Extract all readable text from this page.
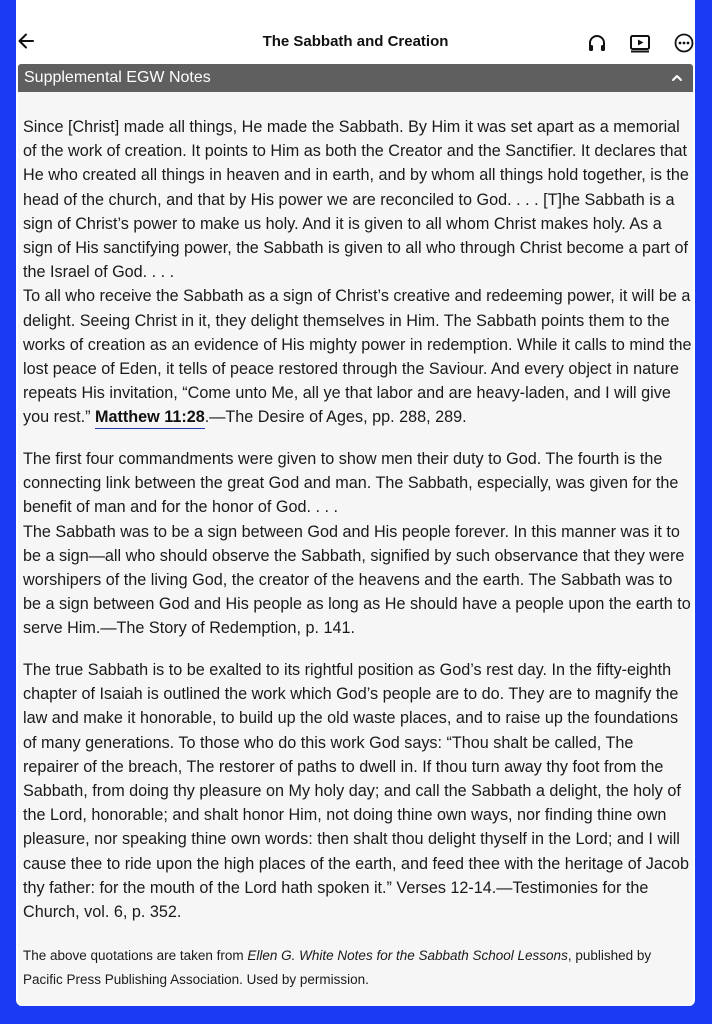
The Sabbath and Creation
Supplemental EGW Notes

Since [Christ] made all things, He made the Sabbath. By Him it was set apart as a memorial of the work of creation. It points to Him as both the Creator and the Sanctifier. It declares that He who created all things in heaven and in earth, and by whom all things hold together, is the head of the church, and that by His power we are reconciled to God. . . . [T]he Sabbath is a sign of Christ’s power to make us holy. And it is given to all whom Christ makes holy. As a sign of His sanctifying power, the Sabbath is given to all who through Christ become a part of the Israel of God. . . .
To all who receive the Sabbath as a sign of Christ’s creative and redeeming power, it will be a delight. Seeing Christ in it, they delight themselves in Him. The Sabbath points them to the works of creation as an evidence of His mighty power in redemption. While it calls to mind the lost peace of Eden, it tells of peace restored through the Saviour. And every object in nature repeats His invitation, “Come unto Me, all ye that labor and are heavy-laden, and I will give you rest.” Matthew 11:28.—The Desire of Ages, pp. 288, 289.

The first four commandments were given to show men their duty to God. The fourth is the connecting link between the great God and man. The Sabbath, especially, was given for the benefit of man and for the honor of God. . . .
The Sabbath was to be a sign between God and His people forever. In this manner was it to be a sign—all who should observe the Sabbath, signified by such observance that they were worshipers of the living God, the creator of the heavens and the earth. The Sabbath was to be a sign between God and His people as long as He should have a people upon the earth to serve Him.—The Story of Redemption, p. 141.

The true Sabbath is to be exalted to its rightful position as God’s rest day. In the fifty-eighth chapter of Isaiah is outlined the work which God’s people are to do. They are to magnify the law and make it honorable, to build up the old waste places, and to raise up the foundations of many generations. To those who do this work God says: “Thou shalt be called, The repairer of the breach, The restorer of paths to dwell in. If thou turn away thy foot from the Sabbath, from doing thy pleasure on My holy day; and call the Sabbath a delight, the holy of the Lord, honorable; and shalt honor Him, not doing thine own ways, nor finding thine own pleasure, nor speaking thine own words: then shalt thou delight thyself in the Lord; and I will cause thee to ride upon the high places of the earth, and feed thee with the heritage of Jacob thy father: for the mouth of the Lord hath spoken it.” Verses 12-14.—Testimonies for the Church, vol. 6, p. 352.

The above quotations are taken from Ellen G. White Notes for the Sabbath School Lessons, published by Pacific Press Publishing Association. Used by permission.
